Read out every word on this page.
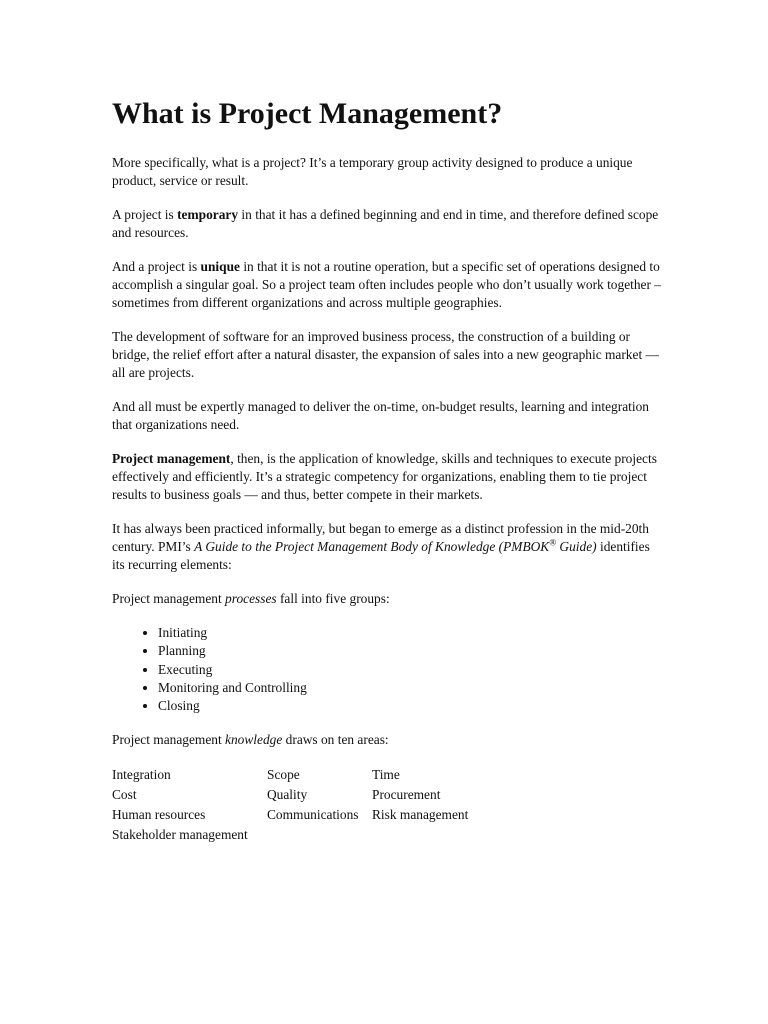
What is Project Management?

More specifically, what is a project? It’s a temporary group activity designed to produce a unique product, service or result.

A project is temporary in that it has a defined beginning and end in time, and therefore defined scope and resources.

And a project is unique in that it is not a routine operation, but a specific set of operations designed to accomplish a singular goal. So a project team often includes people who don’t usually work together – sometimes from different organizations and across multiple geographies.

The development of software for an improved business process, the construction of a building or bridge, the relief effort after a natural disaster, the expansion of sales into a new geographic market — all are projects.

And all must be expertly managed to deliver the on-time, on-budget results, learning and integration that organizations need.

Project management, then, is the application of knowledge, skills and techniques to execute projects effectively and efficiently. It’s a strategic competency for organizations, enabling them to tie project results to business goals — and thus, better compete in their markets.

It has always been practiced informally, but began to emerge as a distinct profession in the mid-20th century. PMI’s A Guide to the Project Management Body of Knowledge (PMBOK® Guide) identifies its recurring elements:

Project management processes fall into five groups:

• Initiating
• Planning
• Executing
• Monitoring and Controlling
• Closing

Project management knowledge draws on ten areas:

Integration	Scope	Time
Cost	Quality	Procurement
Human resources	Communications	Risk management
Stakeholder management
